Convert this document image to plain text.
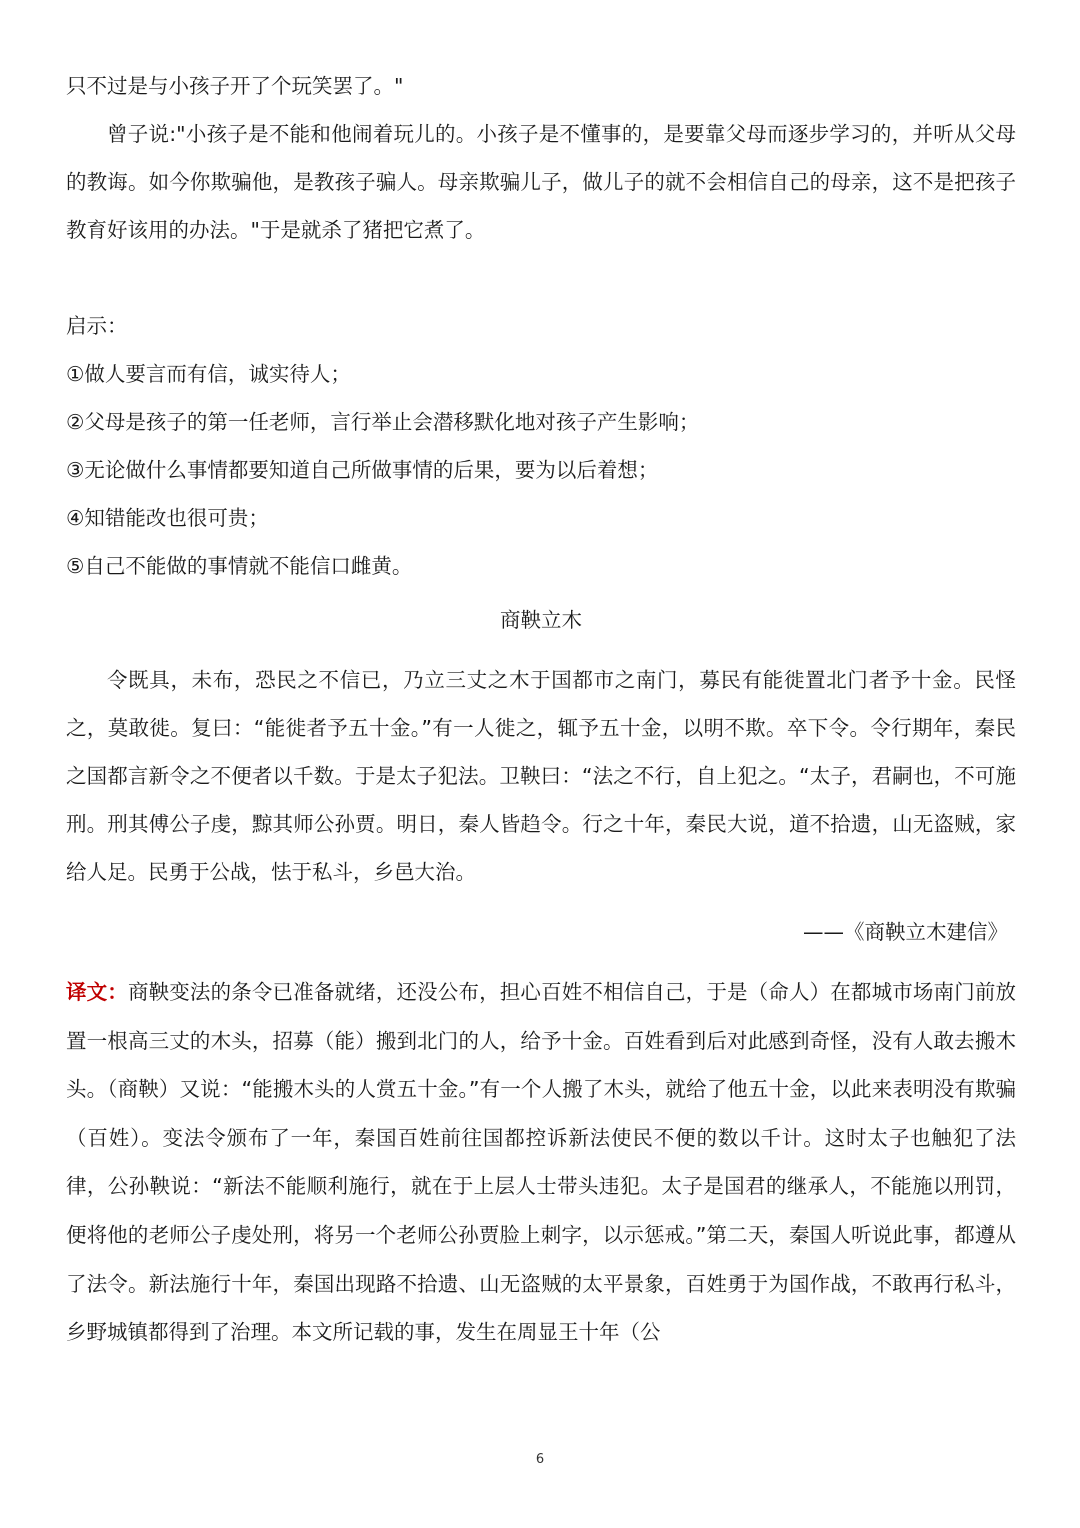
只不过是与小孩子开了个玩笑罢了。"

曾子说:"小孩子是不能和他闹着玩儿的。小孩子是不懂事的，是要靠父母而逐步学习的，并听从父母的教诲。如今你欺骗他，是教孩子骗人。母亲欺骗儿子，做儿子的就不会相信自己的母亲，这不是把孩子教育好该用的办法。"于是就杀了猪把它煮了。

启示：

①做人要言而有信，诚实待人；

②父母是孩子的第一任老师，言行举止会潜移默化地对孩子产生影响；

③无论做什么事情都要知道自己所做事情的后果，要为以后着想；

④知错能改也很可贵；

⑤自己不能做的事情就不能信口雌黄。

商鞅立木

令既具，未布，恐民之不信已，乃立三丈之木于国都市之南门，募民有能徙置北门者予十金。民怪之，莫敢徙。复曰：“能徙者予五十金。”有一人徙之，辄予五十金，以明不欺。卒下令。令行期年，秦民之国都言新令之不便者以千数。于是太子犯法。卫鞅曰：“法之不行，自上犯之。“太子，君嗣也，不可施刑。刑其傅公子虔，黥其师公孙贾。明日，秦人皆趋令。行之十年，秦民大说，道不拾遗，山无盗贼，家给人足。民勇于公战，怯于私斗，乡邑大治。

——《商鞅立木建信》

译文：商鞅变法的条令已准备就绪，还没公布，担心百姓不相信自己，于是（命人）在都城市场南门前放置一根高三丈的木头，招募（能）搬到北门的人，给予十金。百姓看到后对此感到奇怪，没有人敢去搬木头。（商鞅）又说：“能搬木头的人赏五十金。”有一个人搬了木头，就给了他五十金，以此来表明没有欺骗（百姓）。变法令颁布了一年，秦国百姓前往国都控诉新法使民不便的数以千计。这时太子也触犯了法律，公孙鞅说：“新法不能顺利施行，就在于上层人士带头违犯。太子是国君的继承人，不能施以刑罚，便将他的老师公子虔处刑，将另一个老师公孙贾脸上刺字，以示惩戒。”第二天，秦国人听说此事，都遵从了法令。新法施行十年，秦国出现路不拾遗、山无盗贼的太平景象，百姓勇于为国作战，不敢再行私斗，乡野城镇都得到了治理。本文所记载的事，发生在周显王十年（公

6
